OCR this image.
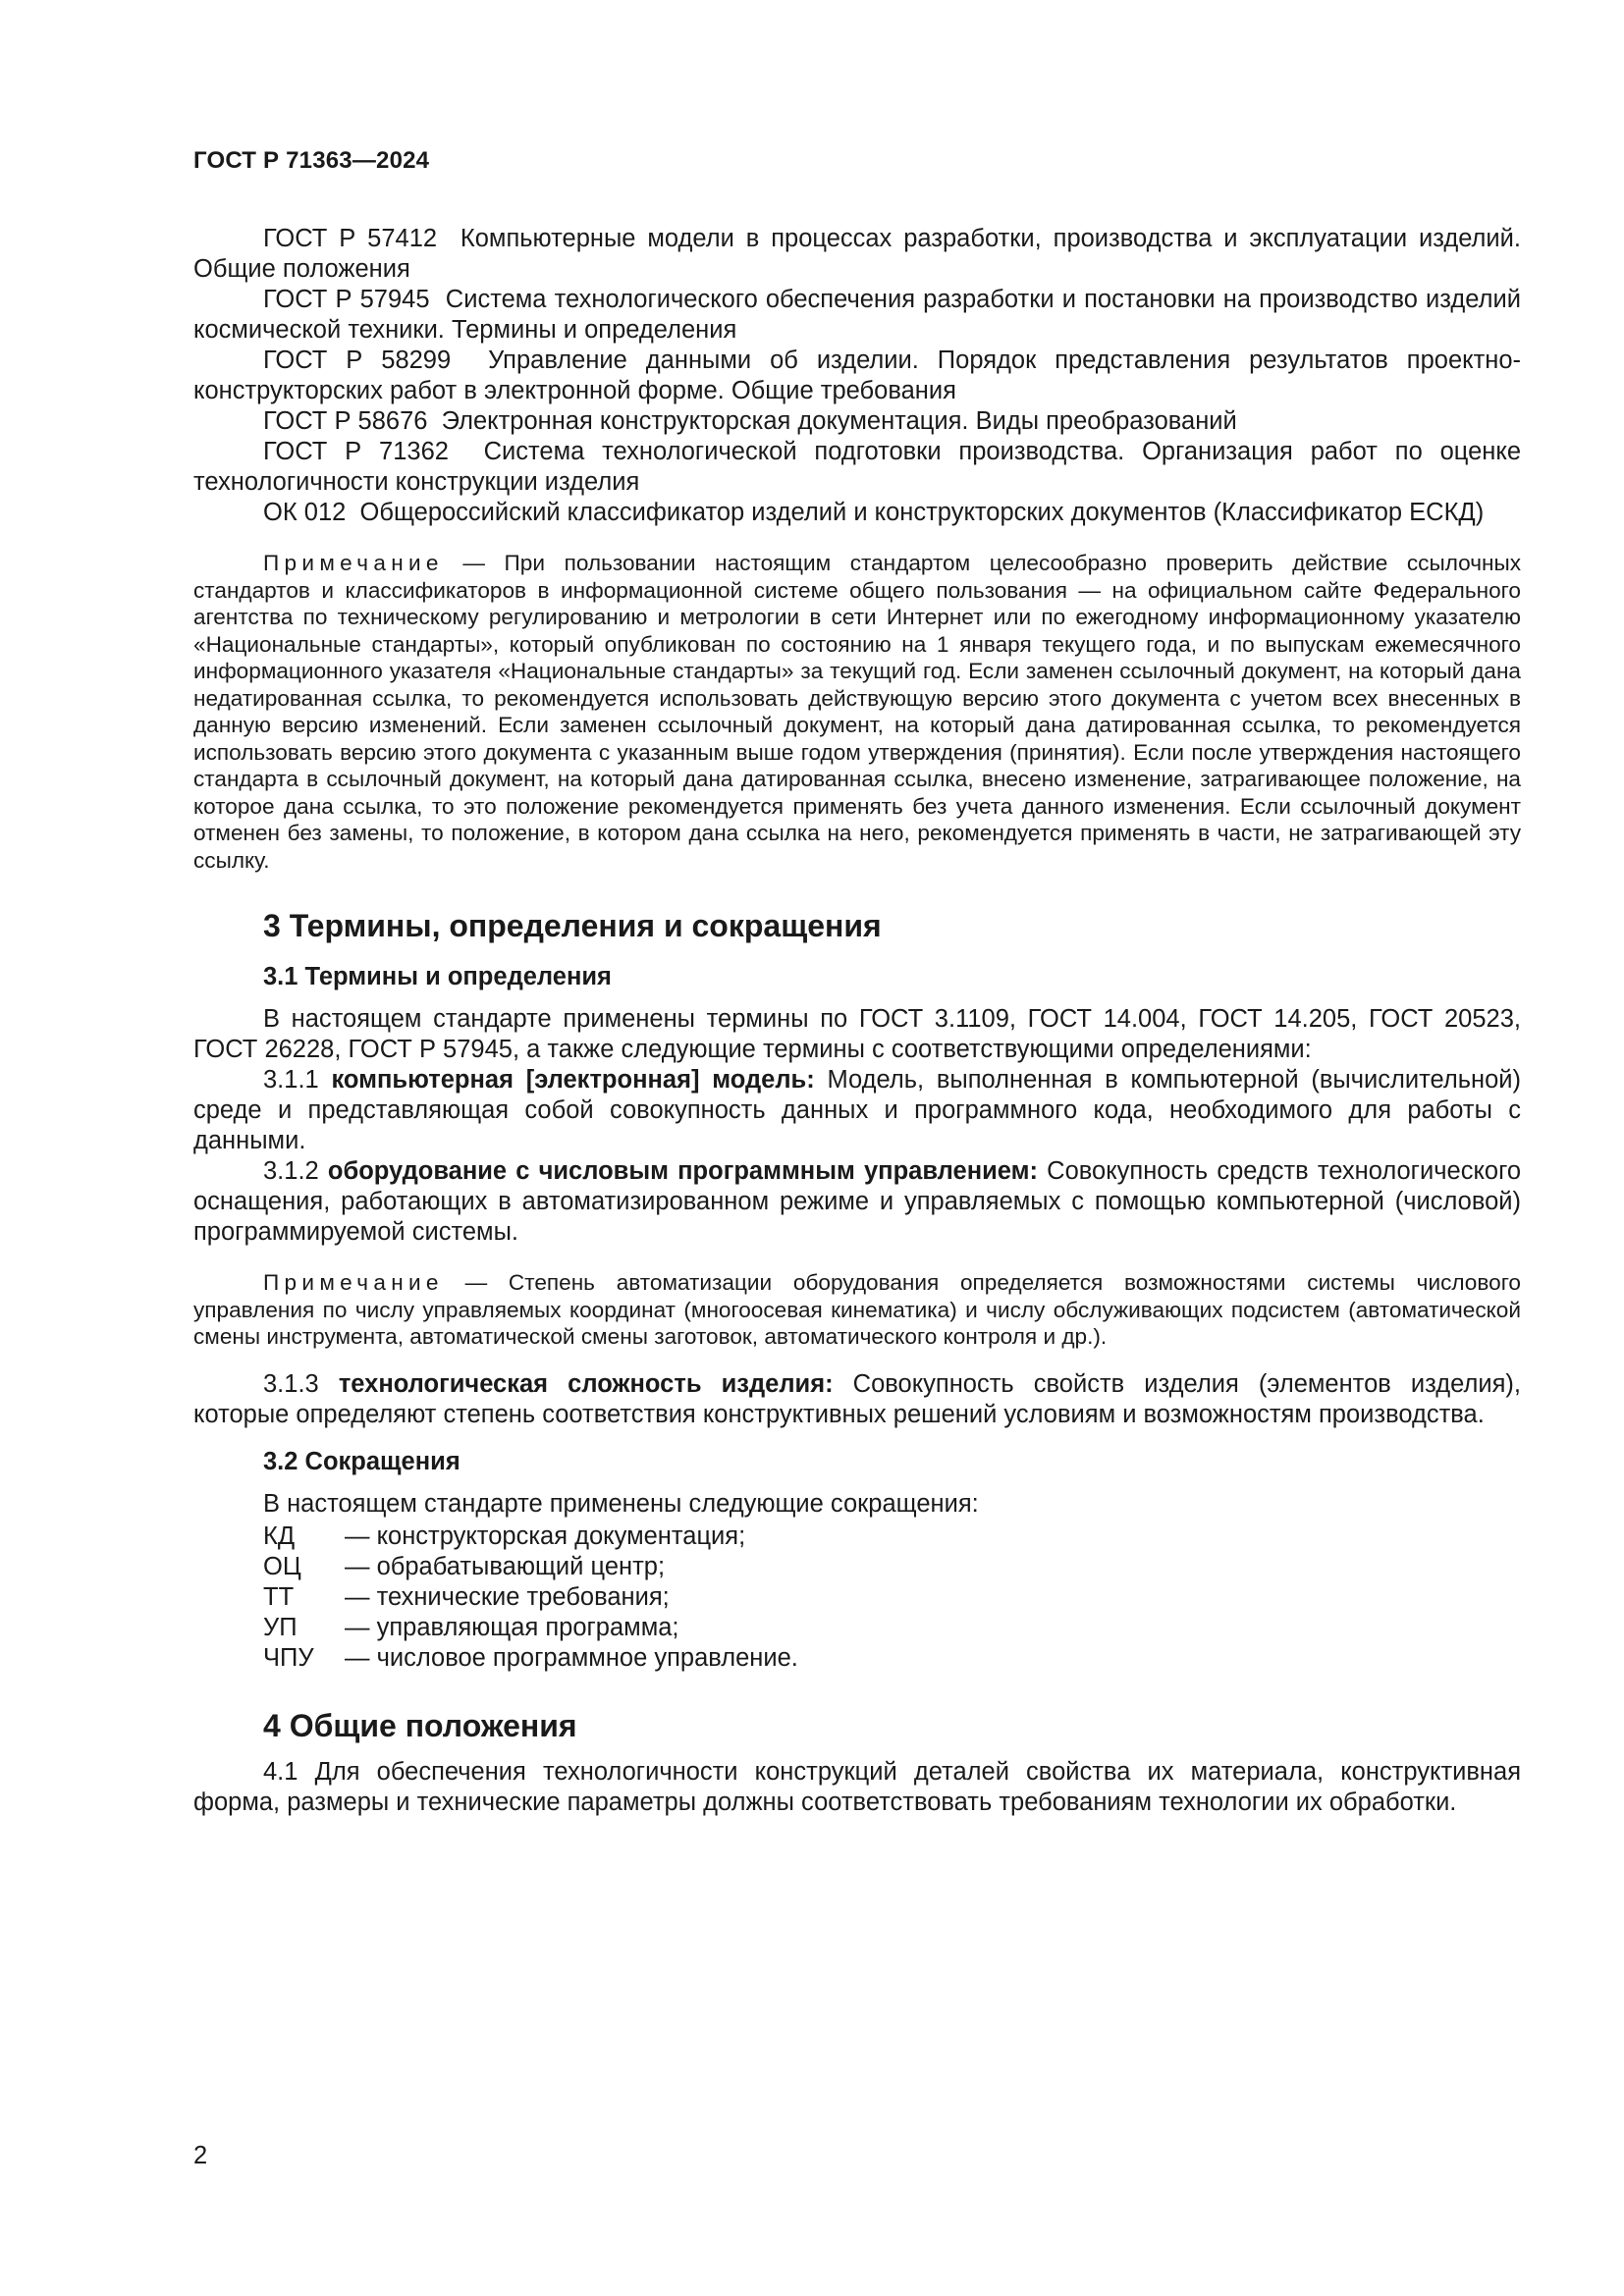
ГОСТ Р 71363—2024

ГОСТ Р 57412 Компьютерные модели в процессах разработки, производства и эксплуатации изделий. Общие положения

ГОСТ Р 57945 Система технологического обеспечения разработки и постановки на производство изделий космической техники. Термины и определения

ГОСТ Р 58299 Управление данными об изделии. Порядок представления результатов проектно-конструкторских работ в электронной форме. Общие требования

ГОСТ Р 58676 Электронная конструкторская документация. Виды преобразований

ГОСТ Р 71362 Система технологической подготовки производства. Организация работ по оценке технологичности конструкции изделия

ОК 012 Общероссийский классификатор изделий и конструкторских документов (Классификатор ЕСКД)

Примечание — При пользовании настоящим стандартом целесообразно проверить действие ссылочных стандартов и классификаторов в информационной системе общего пользования — на официальном сайте Федерального агентства по техническому регулированию и метрологии в сети Интернет или по ежегодному информационному указателю «Национальные стандарты», который опубликован по состоянию на 1 января текущего года, и по выпускам ежемесячного информационного указателя «Национальные стандарты» за текущий год. Если заменен ссылочный документ, на который дана недатированная ссылка, то рекомендуется использовать действующую версию этого документа с учетом всех внесенных в данную версию изменений. Если заменен ссылочный документ, на который дана датированная ссылка, то рекомендуется использовать версию этого документа с указанным выше годом утверждения (принятия). Если после утверждения настоящего стандарта в ссылочный документ, на который дана датированная ссылка, внесено изменение, затрагивающее положение, на которое дана ссылка, то это положение рекомендуется применять без учета данного изменения. Если ссылочный документ отменен без замены, то положение, в котором дана ссылка на него, рекомендуется применять в части, не затрагивающей эту ссылку.

3 Термины, определения и сокращения
3.1 Термины и определения

В настоящем стандарте применены термины по ГОСТ 3.1109, ГОСТ 14.004, ГОСТ 14.205, ГОСТ 20523, ГОСТ 26228, ГОСТ Р 57945, а также следующие термины с соответствующими определениями:

3.1.1 компьютерная [электронная] модель: Модель, выполненная в компьютерной (вычислительной) среде и представляющая собой совокупность данных и программного кода, необходимого для работы с данными.

3.1.2 оборудование с числовым программным управлением: Совокупность средств технологического оснащения, работающих в автоматизированном режиме и управляемых с помощью компьютерной (числовой) программируемой системы.

Примечание — Степень автоматизации оборудования определяется возможностями системы числового управления по числу управляемых координат (многоосевая кинематика) и числу обслуживающих подсистем (автоматической смены инструмента, автоматической смены заготовок, автоматического контроля и др.).

3.1.3 технологическая сложность изделия: Совокупность свойств изделия (элементов изделия), которые определяют степень соответствия конструктивных решений условиям и возможностям производства.

3.2 Сокращения

В настоящем стандарте применены следующие сокращения:

КД	— конструкторская документация;
ОЦ	— обрабатывающий центр;
ТТ	— технические требования;
УП	— управляющая программа;
ЧПУ	— числовое программное управление.
4 Общие положения

4.1 Для обеспечения технологичности конструкций деталей свойства их материала, конструктивная форма, размеры и технические параметры должны соответствовать требованиям технологии их обработки.

2
